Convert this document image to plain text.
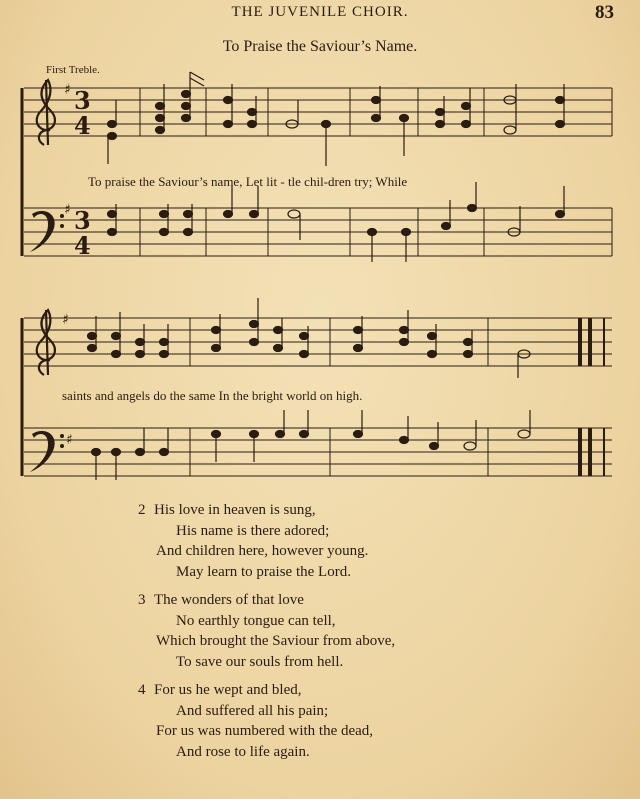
THE JUVENILE CHOIR.	83
To Praise the Saviour’s Name.
First Treble.
♯
♯
♯
♯
3
4
3
4
To praise the Saviour’s name, Let lit - tle chil-dren try; While
saints and angels do the same In the bright world on high.
2 His love in heaven is sung,
His name is there adored;
And children here, however young.
May learn to praise the Lord.
3 The wonders of that love
No earthly tongue can tell,
Which brought the Saviour from above,
To save our souls from hell.
4 For us he wept and bled,
And suffered all his pain;
For us was numbered with the dead,
And rose to life again.
